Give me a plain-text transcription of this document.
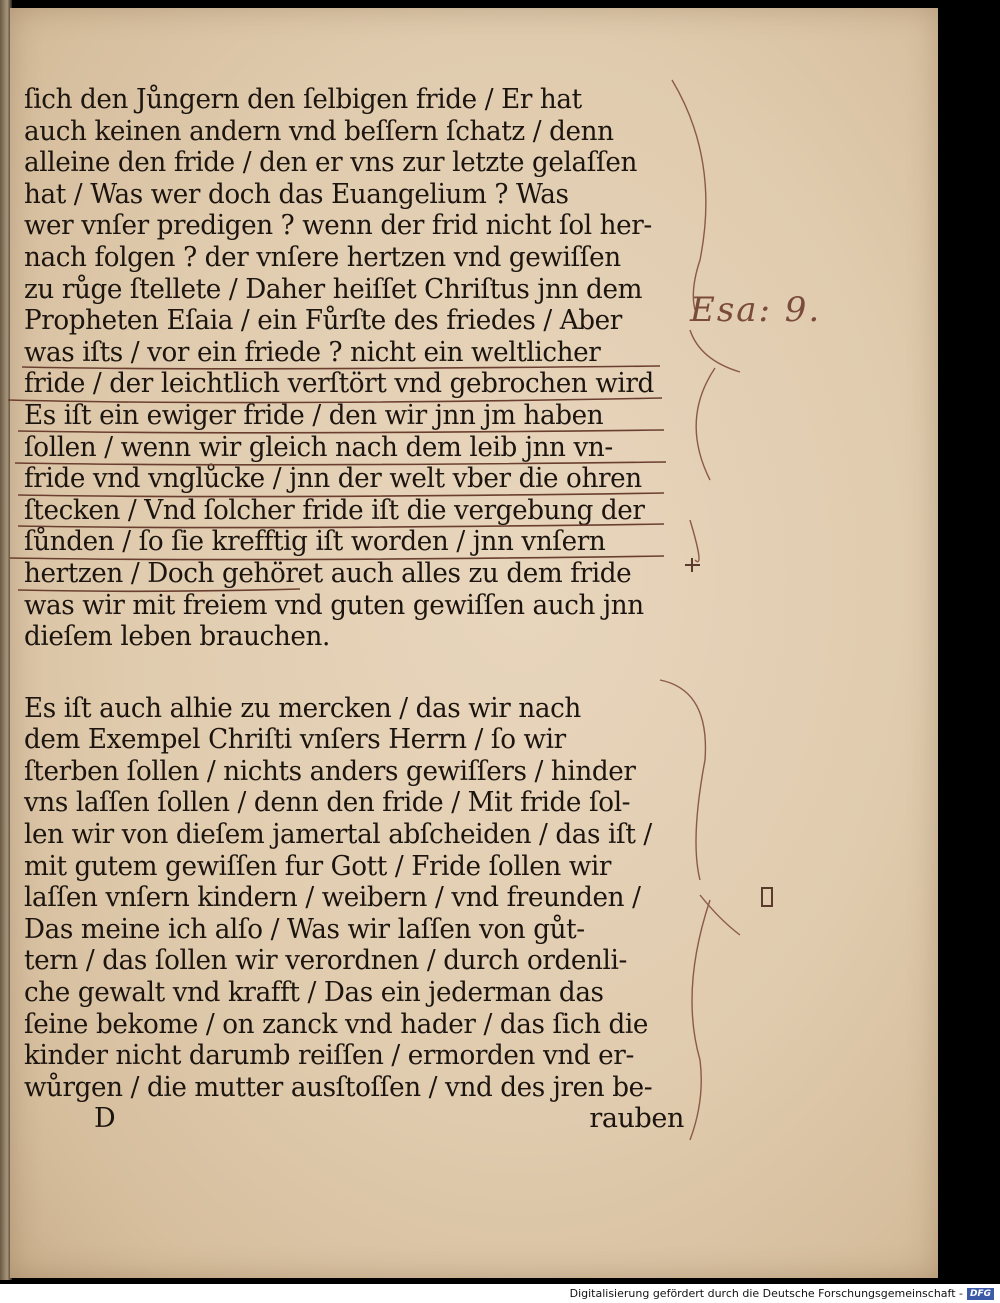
ſich den Jůngern den ſelbigen fride / Er hat
auch keinen andern vnd beſſern ſchatz / denn
alleine den fride / den er vns zur letzte gelaſſen
hat / Was wer doch das Euangelium ? Was
wer vnſer predigen ? wenn der frid nicht ſol her-
nach folgen ? der vnſere hertzen vnd gewiſſen
zu růge ſtellete / Daher heiſſet Chriſtus jnn dem
Propheten Eſaia / ein Fůrſte des friedes / Aber
was iſts / vor ein friede ? nicht ein weltlicher
fride / der leichtlich verſtört vnd gebrochen wird
Es iſt ein ewiger fride / den wir jnn jm haben
ſollen / wenn wir gleich nach dem leib jnn vn-
fride vnd vnglůcke / jnn der welt vber die ohren
ſtecken / Vnd ſolcher fride iſt die vergebung der
ſůnden / ſo ſie krefftig iſt worden / jnn vnſern
hertzen / Doch gehöret auch alles zu dem fride
was wir mit freiem vnd guten gewiſſen auch jnn
dieſem leben brauchen.
Es iſt auch alhie zu mercken / das wir nach
dem Exempel Chriſti vnſers Herrn / ſo wir
ſterben ſollen / nichts anders gewiſſers / hinder
vns laſſen ſollen / denn den fride / Mit fride ſol-
len wir von dieſem jamertal abſcheiden / das iſt /
mit gutem gewiſſen fur Gott / Fride ſollen wir
laſſen vnſern kindern / weibern / vnd freunden /
Das meine ich alſo / Was wir laſſen von gůt-
tern / das ſollen wir verordnen / durch ordenli-
che gewalt vnd krafft / Das ein jederman das
ſeine bekome / on zanck vnd hader / das ſich die
kinder nicht darumb reiſſen / ermorden vnd er-
wůrgen / die mutter ausſtoſſen / vnd des jren be-
D	rauben
Esa: 9.
Digitalisierung gefördert durch die Deutsche Forschungsgemeinschaft - DFG
